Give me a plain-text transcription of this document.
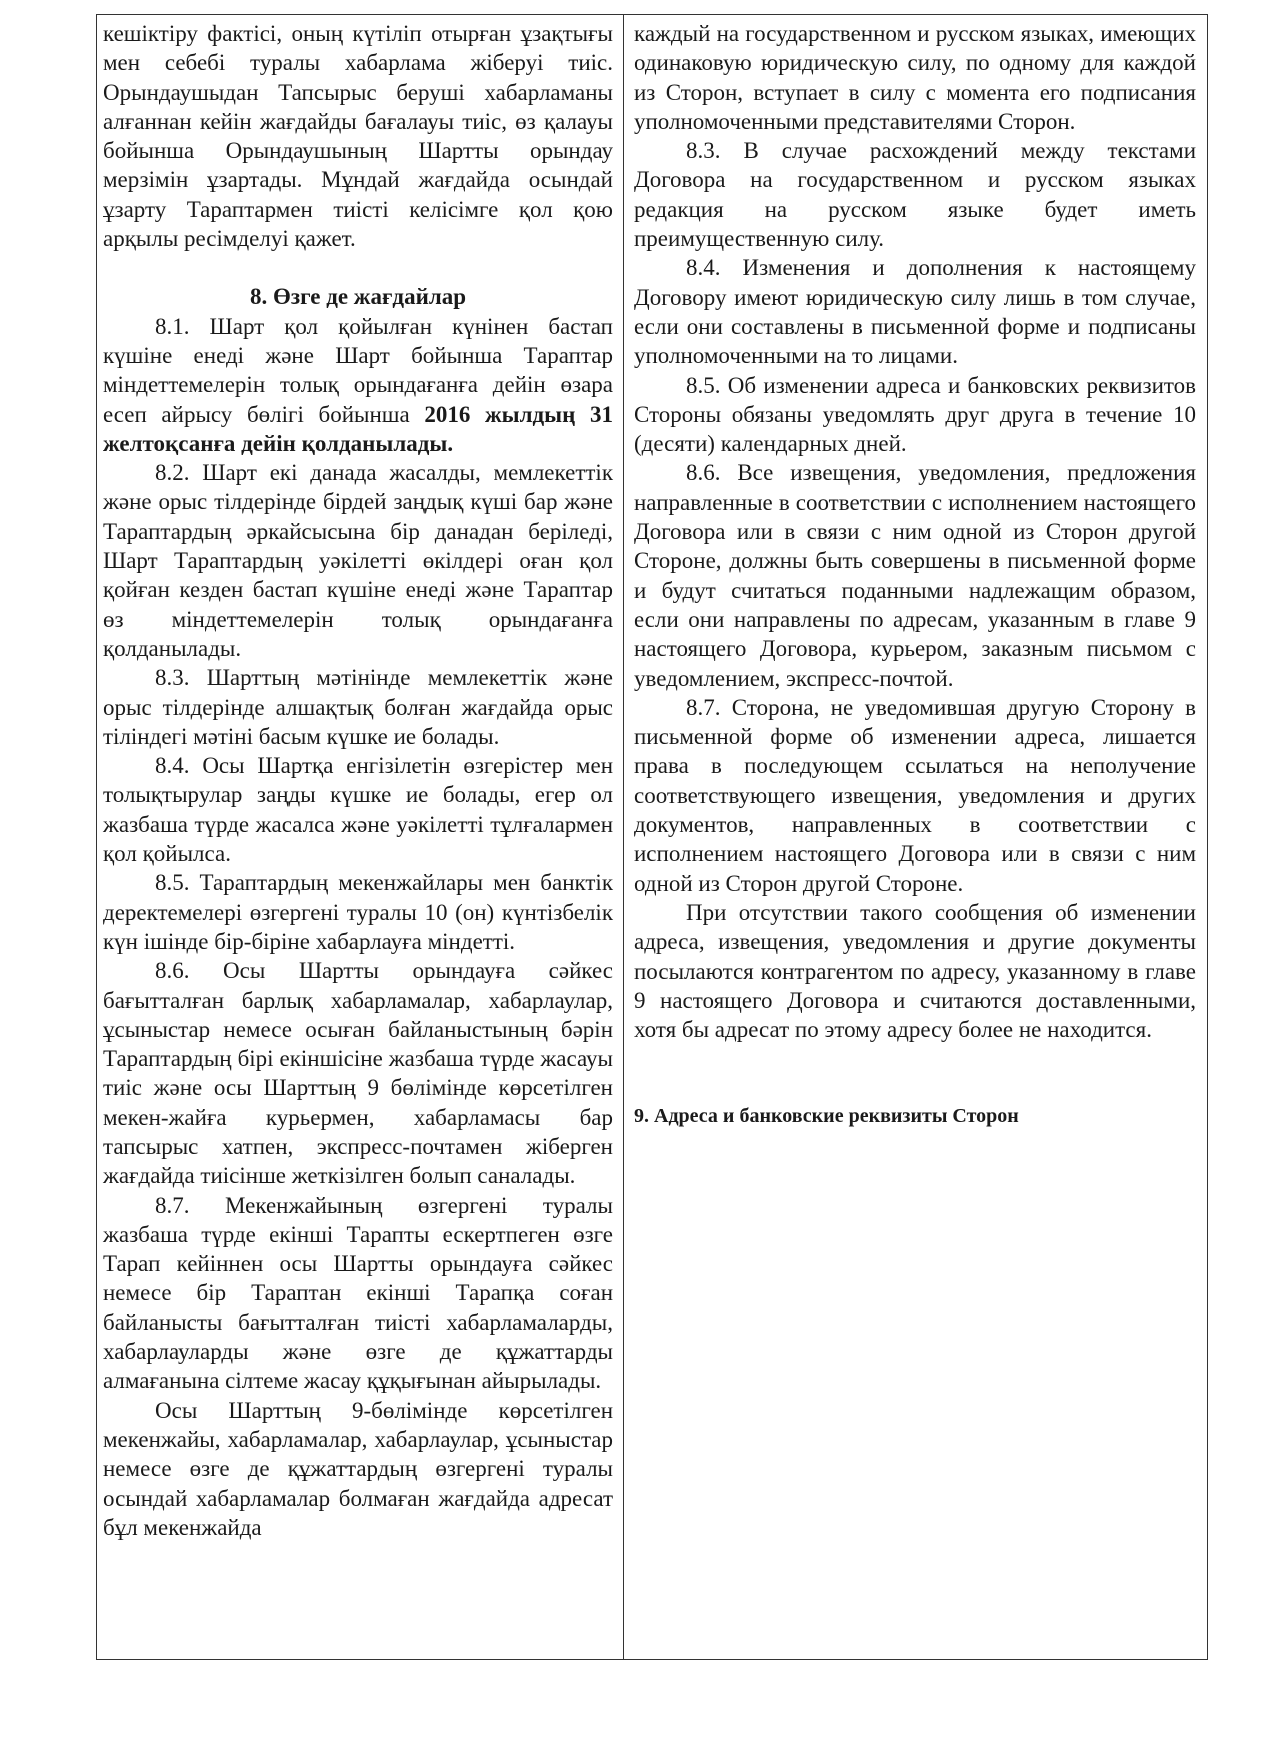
кешіктіру фактісі, оның күтіліп отырған ұзақтығы мен себебі туралы хабарлама жіберуі тиіс. Орындаушыдан Тапсырыс беруші хабарламаны алғаннан кейін жағдайды бағалауы тиіс, өз қалауы бойынша Орындаушының Шартты орындау мерзімін ұзартады. Мұндай жағдайда осындай ұзарту Тараптармен тиісті келісімге қол қою арқылы ресімделуі қажет.

8. Өзге де жағдайлар

8.1. Шарт қол қойылған күнінен бастап күшіне енеді және Шарт бойынша Тараптар міндеттемелерін толық орындағанға дейін өзара есеп айрысу бөлігі бойынша 2016 жылдың 31 желтоқсанға дейін қолданылады.

8.2. Шарт екі данада жасалды, мемлекеттік және орыс тілдерінде бірдей заңдық күші бар және Тараптардың әркайсысына бір данадан беріледі, Шарт Тараптардың уәкілетті өкілдері оған қол қойған кезден бастап күшіне енеді және Тараптар өз міндеттемелерін толық орындағанға қолданылады.

8.3. Шарттың мәтінінде мемлекеттік және орыс тілдерінде алшақтық болған жағдайда орыс тіліндегі мәтіні басым күшке ие болады.

8.4. Осы Шартқа енгізілетін өзгерістер мен толықтырулар заңды күшке ие болады, егер ол жазбаша түрде жасалса және уәкілетті тұлғалармен қол қойылса.

8.5. Тараптардың мекенжайлары мен банктік деректемелері өзгергені туралы 10 (он) күнтізбелік күн ішінде бір-біріне хабарлауға міндетті.

8.6. Осы Шартты орындауға сәйкес бағытталған барлық хабарламалар, хабарлаулар, ұсыныстар немесе осыған байланыстының бәрін Тараптардың бірі екіншісіне жазбаша түрде жасауы тиіс және осы Шарттың 9 бөлімінде көрсетілген мекен-жайға курьермен, хабарламасы бар тапсырыс хатпен, экспресс-почтамен жіберген жағдайда тиісінше жеткізілген болып саналады.

8.7. Мекенжайының өзгергені туралы жазбаша түрде екінші Тарапты ескертпеген өзге Тарап кейіннен осы Шартты орындауға сәйкес немесе бір Тараптан екінші Тарапқа соған байланысты бағытталған тиісті хабарламаларды, хабарлауларды және өзге де құжаттарды алмағанына сілтеме жасау құқығынан айырылады.

Осы Шарттың 9-бөлімінде көрсетілген мекенжайы, хабарламалар, хабарлаулар, ұсыныстар немесе өзге де құжаттардың өзгергені туралы осындай хабарламалар болмаған жағдайда адресат бұл мекенжайда

каждый на государственном и русском языках, имеющих одинаковую юридическую силу, по одному для каждой из Сторон, вступает в силу с момента его подписания уполномоченными представителями Сторон.

8.3. В случае расхождений между текстами Договора на государственном и русском языках редакция на русском языке будет иметь преимущественную силу.

8.4. Изменения и дополнения к настоящему Договору имеют юридическую силу лишь в том случае, если они составлены в письменной форме и подписаны уполномоченными на то лицами.

8.5. Об изменении адреса и банковских реквизитов Стороны обязаны уведомлять друг друга в течение 10 (десяти) календарных дней.

8.6. Все извещения, уведомления, предложения направленные в соответствии с исполнением настоящего Договора или в связи с ним одной из Сторон другой Стороне, должны быть совершены в письменной форме и будут считаться поданными надлежащим образом, если они направлены по адресам, указанным в главе 9 настоящего Договора, курьером, заказным письмом с уведомлением, экспресс-почтой.

8.7. Сторона, не уведомившая другую Сторону в письменной форме об изменении адреса, лишается права в последующем ссылаться на неполучение соответствующего извещения, уведомления и других документов, направленных в соответствии с исполнением настоящего Договора или в связи с ним одной из Сторон другой Стороне.

При отсутствии такого сообщения об изменении адреса, извещения, уведомления и другие документы посылаются контрагентом по адресу, указанному в главе 9 настоящего Договора и считаются доставленными, хотя бы адресат по этому адресу более не находится.

9. Адреса и банковские реквизиты Сторон
